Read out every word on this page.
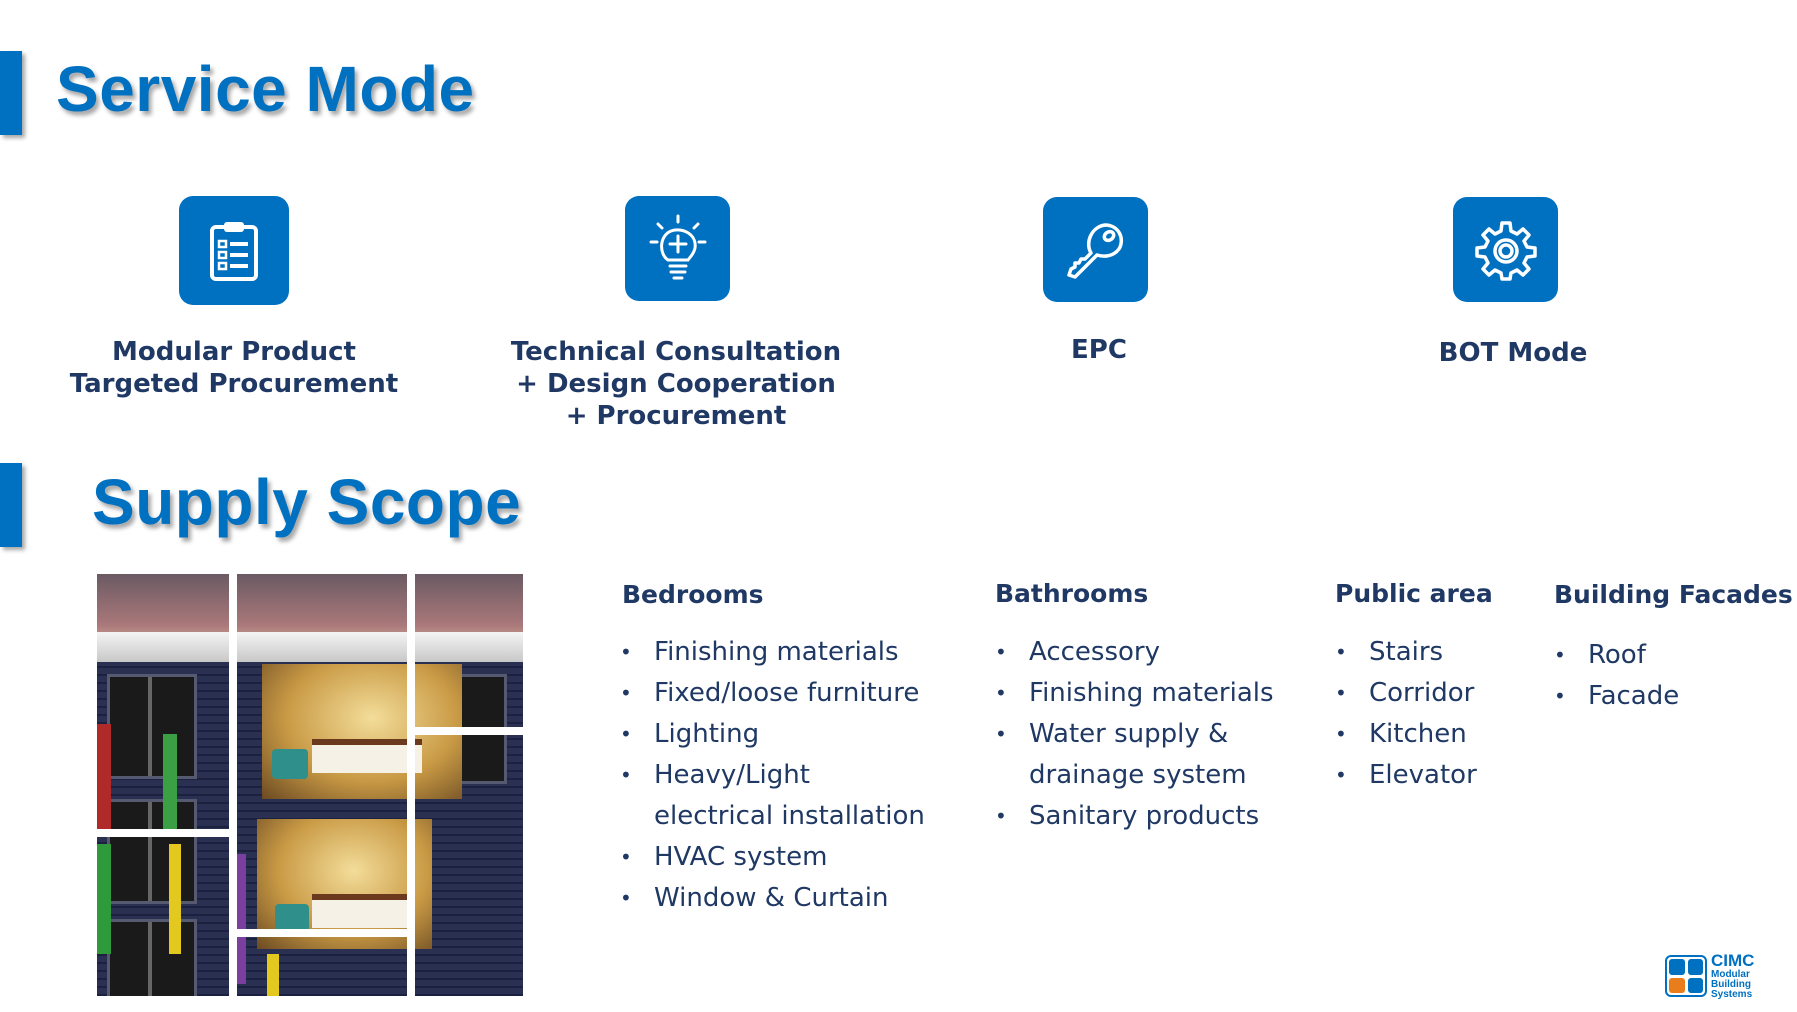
Service Mode
Modular Product
Targeted Procurement
Technical Consultation
+ Design Cooperation
+ Procurement
EPC	BOT Mode
Supply Scope
Bedrooms
• Finishing materials
• Fixed/loose furniture
• Lighting
• Heavy/Light
electrical installation
• HVAC system
• Window & Curtain
Bathrooms
• Accessory
• Finishing materials
• Water supply &
drainage system
• Sanitary products
Public area
• Stairs
• Corridor
• Kitchen
• Elevator
Building Facades
• Roof
• Facade
CIMC
Modular
Building
Systems
